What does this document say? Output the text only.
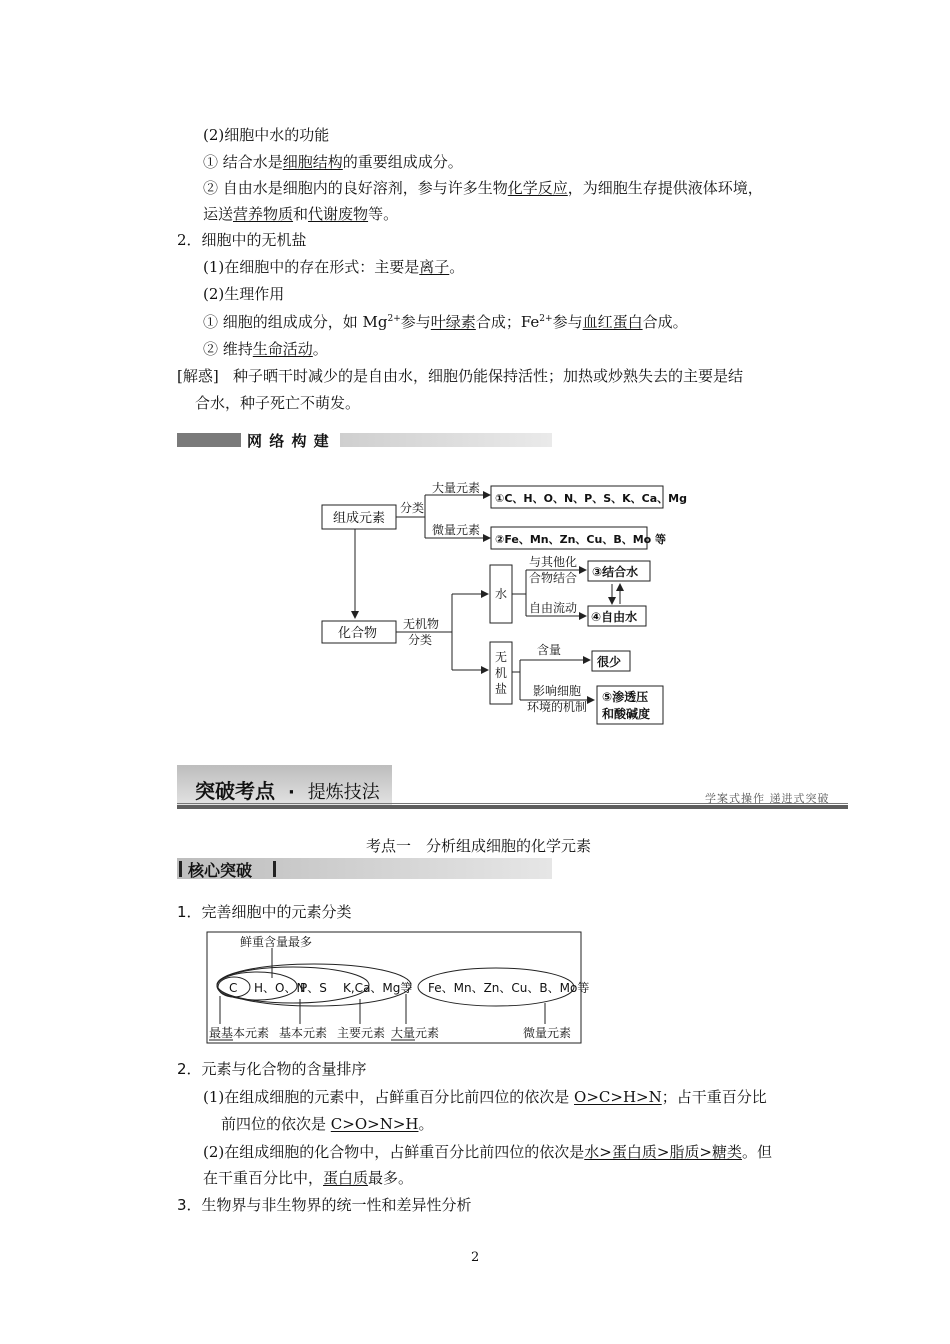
(2)细胞中水的功能
① 结合水是细胞结构的重要组成成分。
② 自由水是细胞内的良好溶剂，参与许多生物化学反应，为细胞生存提供液体环境，
运送营养物质和代谢废物等。
2．细胞中的无机盐
(1)在细胞中的存在形式：主要是离子。
(2)生理作用
① 细胞的组成成分，如 $Mg^{2+}$参与叶绿素合成；$Fe^{2+}$参与血红蛋白合成。
② 维持生命活动。
[解惑] 种子晒干时减少的是自由水，细胞仍能保持活性；加热或炒熟失去的主要是结
合水，种子死亡不萌发。
网 络 构 建
组成元素
分类
大量元素
微量元素
①C、H、O、N、P、S、K、Ca、Mg
②Fe、Mn、Zn、Cu、B、Mo 等
化合物
无机物
分类
水
与其他化
合物结合 ③结合水
自由流动
④自由水
无
机
盐
含量
很少
影响细胞
环境的机制
⑤渗透压
和酸碱度
突破考点 · 提炼技法	学案式操作 递进式突破
考点一　分析组成细胞的化学元素
核心突破
1．完善细胞中的元素分类
鲜重含量最多
C H、O、N
P、S K,Ca、Mg等 Fe、Mn、Zn、Cu、B、Mo等
最基本元素 基本元素 主要元素 大量元素	微量元素
2．元素与化合物的含量排序
(1)在组成细胞的元素中，占鲜重百分比前四位的依次是 O>C>H>N；占干重百分比
前四位的依次是 C>O>N>H。
(2)在组成细胞的化合物中，占鲜重百分比前四位的依次是水>蛋白质>脂质>糖类。但
在干重百分比中，蛋白质最多。
3．生物界与非生物界的统一性和差异性分析
2
